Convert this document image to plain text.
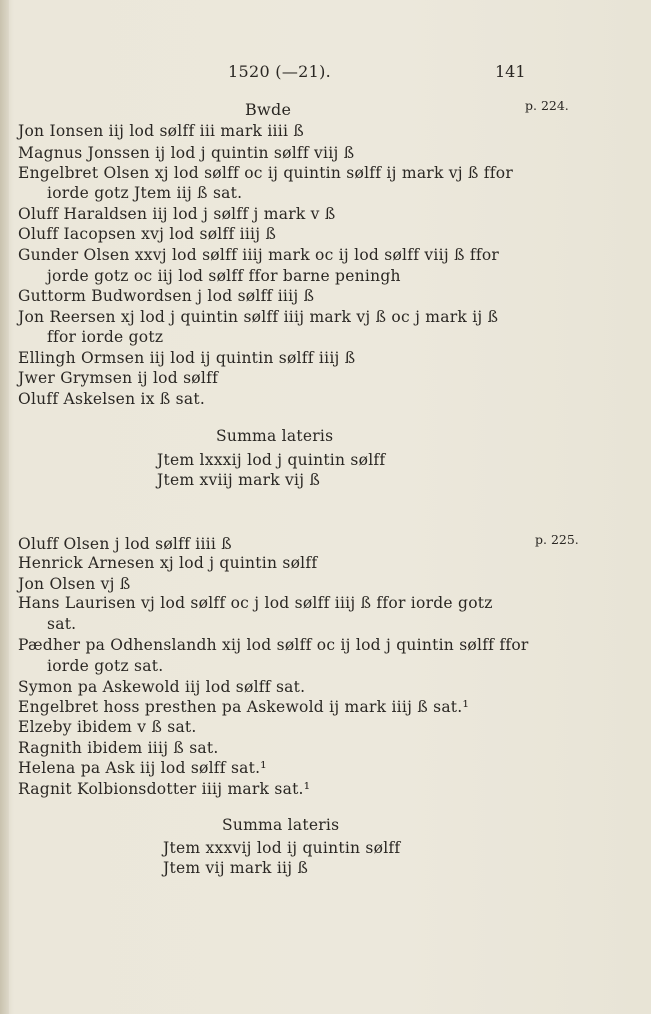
1520 (—21).	141
Bwde	p. 224.
Jon Ionsen iij lod sølff iii mark iiii ß
Magnus Jonssen ij lod j quintin sølff viij ß
Engelbret Olsen xj lod sølff oc ij quintin sølff ij mark vj ß ffor
iorde gotz Jtem iij ß sat.
Oluff Haraldsen iij lod j sølff j mark v ß
Oluff Iacopsen xvj lod sølff iiij ß
Gunder Olsen xxvj lod sølff iiij mark oc ij lod sølff viij ß ffor
jorde gotz oc iij lod sølff ffor barne peningh
Guttorm Budwordsen j lod sølff iiij ß
Jon Reersen xj lod j quintin sølff iiij mark vj ß oc j mark ij ß
ffor iorde gotz
Ellingh Ormsen iij lod ij quintin sølff iiij ß
Jwer Grymsen ij lod sølff
Oluff Askelsen ix ß sat.
Summa lateris
Jtem lxxxij lod j quintin sølff
Jtem xviij mark vij ß
p. 225.
Oluff Olsen j lod sølff iiii ß
Henrick Arnesen xj lod j quintin sølff
Jon Olsen vj ß
Hans Laurisen vj lod sølff oc j lod sølff iiij ß ffor iorde gotz
sat.
Pædher pa Odhenslandh xij lod sølff oc ij lod j quintin sølff ffor
iorde gotz sat.
Symon pa Askewold iij lod sølff sat.
Engelbret hoss presthen pa Askewold ij mark iiij ß sat.¹
Elzeby ibidem v ß sat.
Ragnith ibidem iiij ß sat.
Helena pa Ask iij lod sølff sat.¹
Ragnit Kolbionsdotter iiij mark sat.¹
Summa lateris
Jtem xxxvij lod ij quintin sølff
Jtem vij mark iij ß
